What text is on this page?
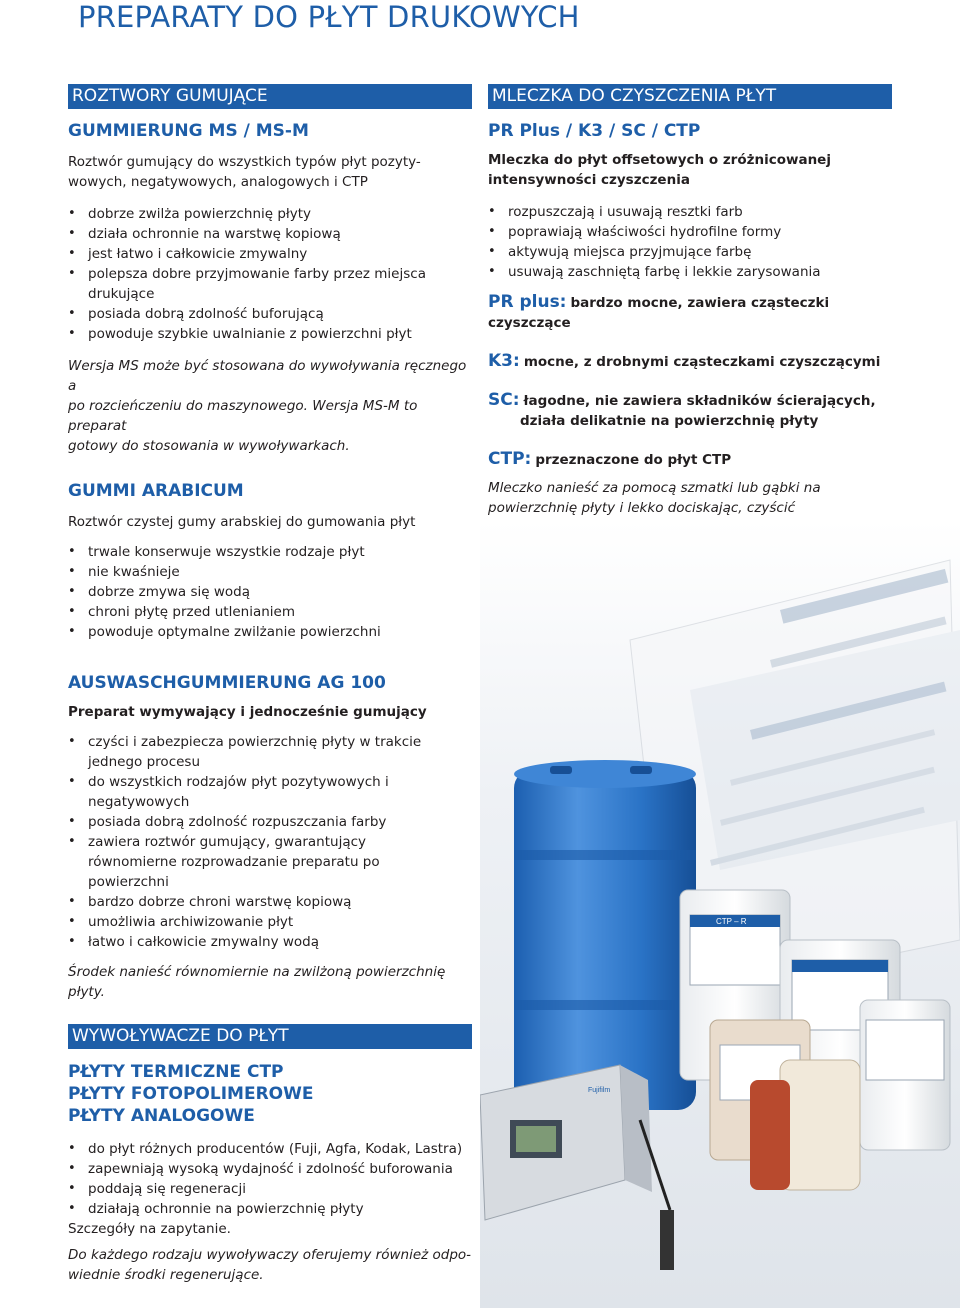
PREPARATY DO PŁYT DRUKOWYCH
ROZTWORY GUMUJĄCE
GUMMIERUNG MS / MS-M

Roztwór gumujący do wszystkich typów płyt pozyty-

wowych, negatywowych, analogowych i CTP

• dobrze zwilża powierzchnię płyty
• działa ochronnie na warstwę kopiową
• jest łatwo i całkowicie zmywalny
• polepsza dobre przyjmowanie farby przez miejsca drukujące
• posiada dobrą zdolność buforującą
• powoduje szybkie uwalnianie z powierzchni płyt

Wersja MS może być stosowana do wywoływania ręcznego a

po rozcieńczeniu do maszynowego. Wersja MS-M to preparat

gotowy do stosowania w wywoływarkach.

GUMMI ARABICUM

Roztwór czystej gumy arabskiej do gumowania płyt

• trwale konserwuje wszystkie rodzaje płyt
• nie kwaśnieje
• dobrze zmywa się wodą
• chroni płytę przed utlenianiem
• powoduje optymalne zwilżanie powierzchni
AUSWASCHGUMMIERUNG AG 100

Preparat wymywający i jednocześnie gumujący

• czyści i zabezpiecza powierzchnię płyty w trakcie jednego procesu
• do wszystkich rodzajów płyt pozytywowych i negatywowych
• posiada dobrą zdolność rozpuszczania farby
• zawiera roztwór gumujący, gwarantujący równomierne rozprowadzanie preparatu po powierzchni
• bardzo dobrze chroni warstwę kopiową
• umożliwia archiwizowanie płyt
• łatwo i całkowicie zmywalny wodą

Środek nanieść równomiernie na zwilżoną powierzchnię płyty.

WYWOŁYWACZE DO PŁYT
PŁYTY TERMICZNE CTP
PŁYTY FOTOPOLIMEROWE
PŁYTY ANALOGOWE
• do płyt różnych producentów (Fuji, Agfa, Kodak, Lastra)
• zapewniają wysoką wydajność i zdolność buforowania
• poddają się regeneracji
• działają ochronnie na powierzchnię płyty

Szczegóły na zapytanie.

Do każdego rodzaju wywoływaczy oferujemy również odpo-

wiednie środki regenerujące.

MLECZKA DO CZYSZCZENIA PŁYT
PR Plus / K3 / SC / CTP

Mleczka do płyt offsetowych o zróżnicowanej

intensywności czyszczenia

• rozpuszczają i usuwają resztki farb
• poprawiają właściwości hydrofilne formy
• aktywują miejsca przyjmujące farbę
• usuwają zaschniętą farbę i lekkie zarysowania

PR plus: bardzo mocne, zawiera cząsteczki czyszczące

K3: mocne, z drobnymi cząsteczkami czyszczącymi

SC: łagodne, nie zawiera składników ścierających,

działa delikatnie na powierzchnię płyty

CTP: przeznaczone do płyt CTP

Mleczko nanieść za pomocą szmatki lub gąbki na

powierzchnię płyty i lekko dociskając, czyścić

CTP – R
Fujifilm
